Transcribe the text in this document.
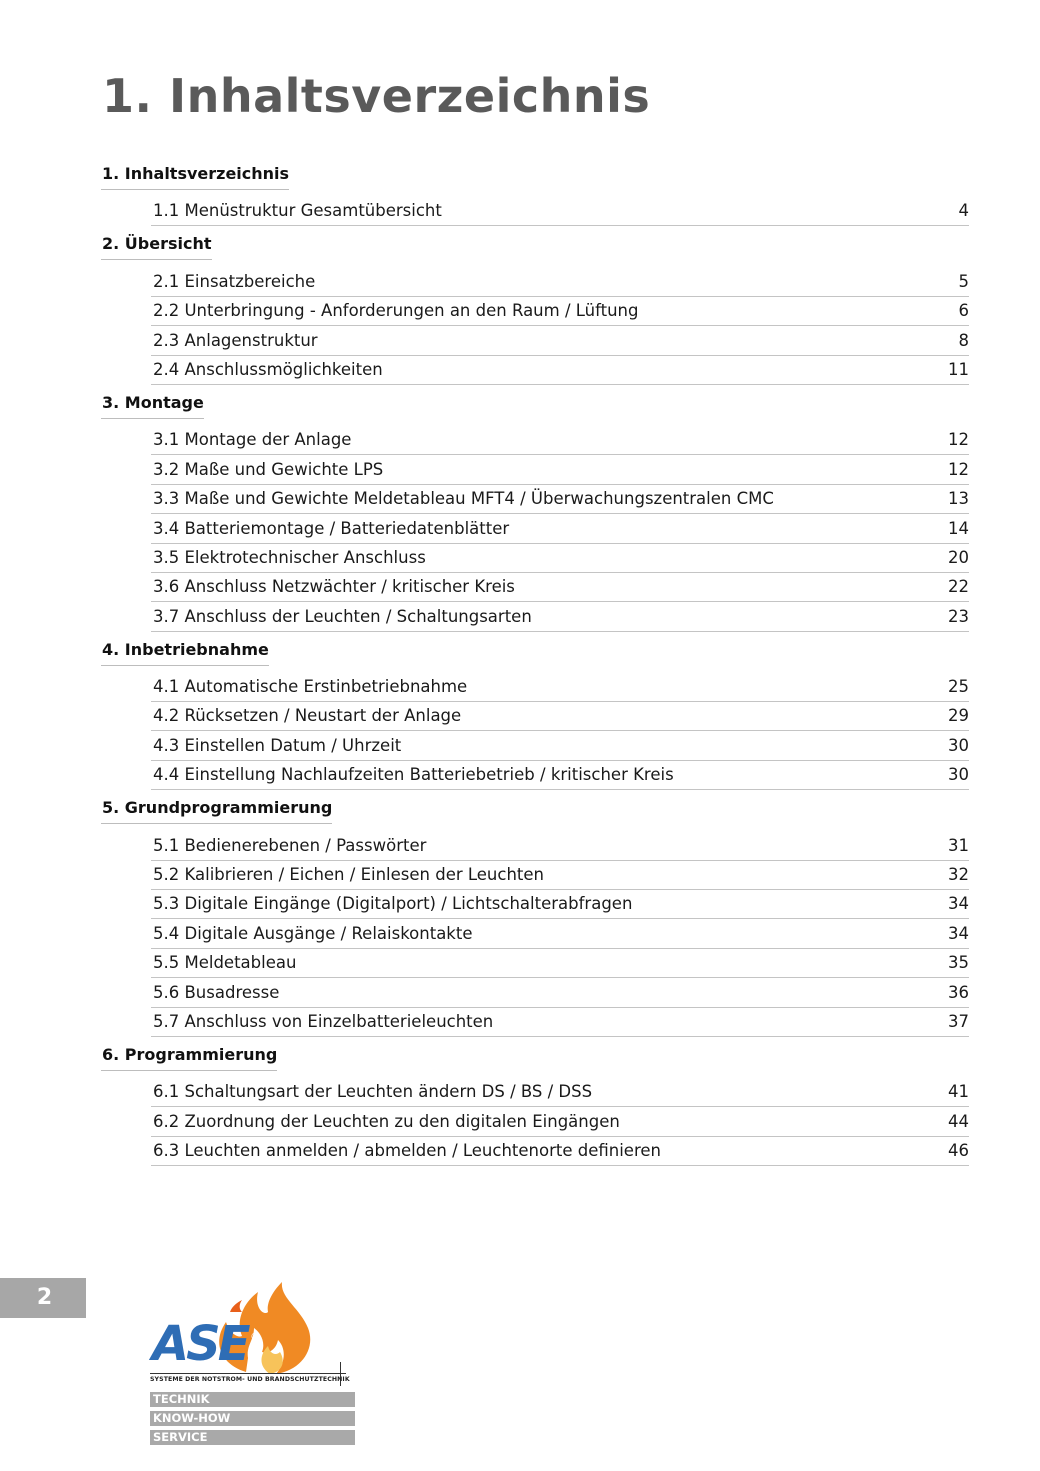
1. Inhaltsverzeichnis
1. Inhaltsverzeichnis
1.1 Menüstruktur Gesamtübersicht	4
2. Übersicht
2.1 Einsatzbereiche	5
2.2 Unterbringung - Anforderungen an den Raum / Lüftung	6
2.3 Anlagenstruktur	8
2.4 Anschlussmöglichkeiten	11
3. Montage
3.1 Montage der Anlage	12
3.2 Maße und Gewichte LPS	12
3.3 Maße und Gewichte Meldetableau MFT4 / Überwachungszentralen CMC	13
3.4 Batteriemontage / Batteriedatenblätter	14
3.5 Elektrotechnischer Anschluss	20
3.6 Anschluss Netzwächter / kritischer Kreis	22
3.7 Anschluss der Leuchten / Schaltungsarten	23
4. Inbetriebnahme
4.1 Automatische Erstinbetriebnahme	25
4.2 Rücksetzen / Neustart der Anlage	29
4.3 Einstellen Datum / Uhrzeit	30
4.4 Einstellung Nachlaufzeiten Batteriebetrieb / kritischer Kreis	30
5. Grundprogrammierung
5.1 Bedienerebenen / Passwörter	31
5.2 Kalibrieren / Eichen / Einlesen der Leuchten	32
5.3 Digitale Eingänge (Digitalport) / Lichtschalterabfragen	34
5.4 Digitale Ausgänge / Relaiskontakte	34
5.5 Meldetableau	35
5.6 Busadresse	36
5.7 Anschluss von Einzelbatterieleuchten	37
6. Programmierung
6.1 Schaltungsart der Leuchten ändern DS / BS / DSS	41
6.2 Zuordnung der Leuchten zu den digitalen Eingängen	44
6.3 Leuchten anmelden / abmelden / Leuchtenorte definieren	46
2
ASE ®
SYSTEME DER NOTSTROM- UND BRANDSCHUTZTECHNIK
TECHNIK
KNOW-HOW
SERVICE
